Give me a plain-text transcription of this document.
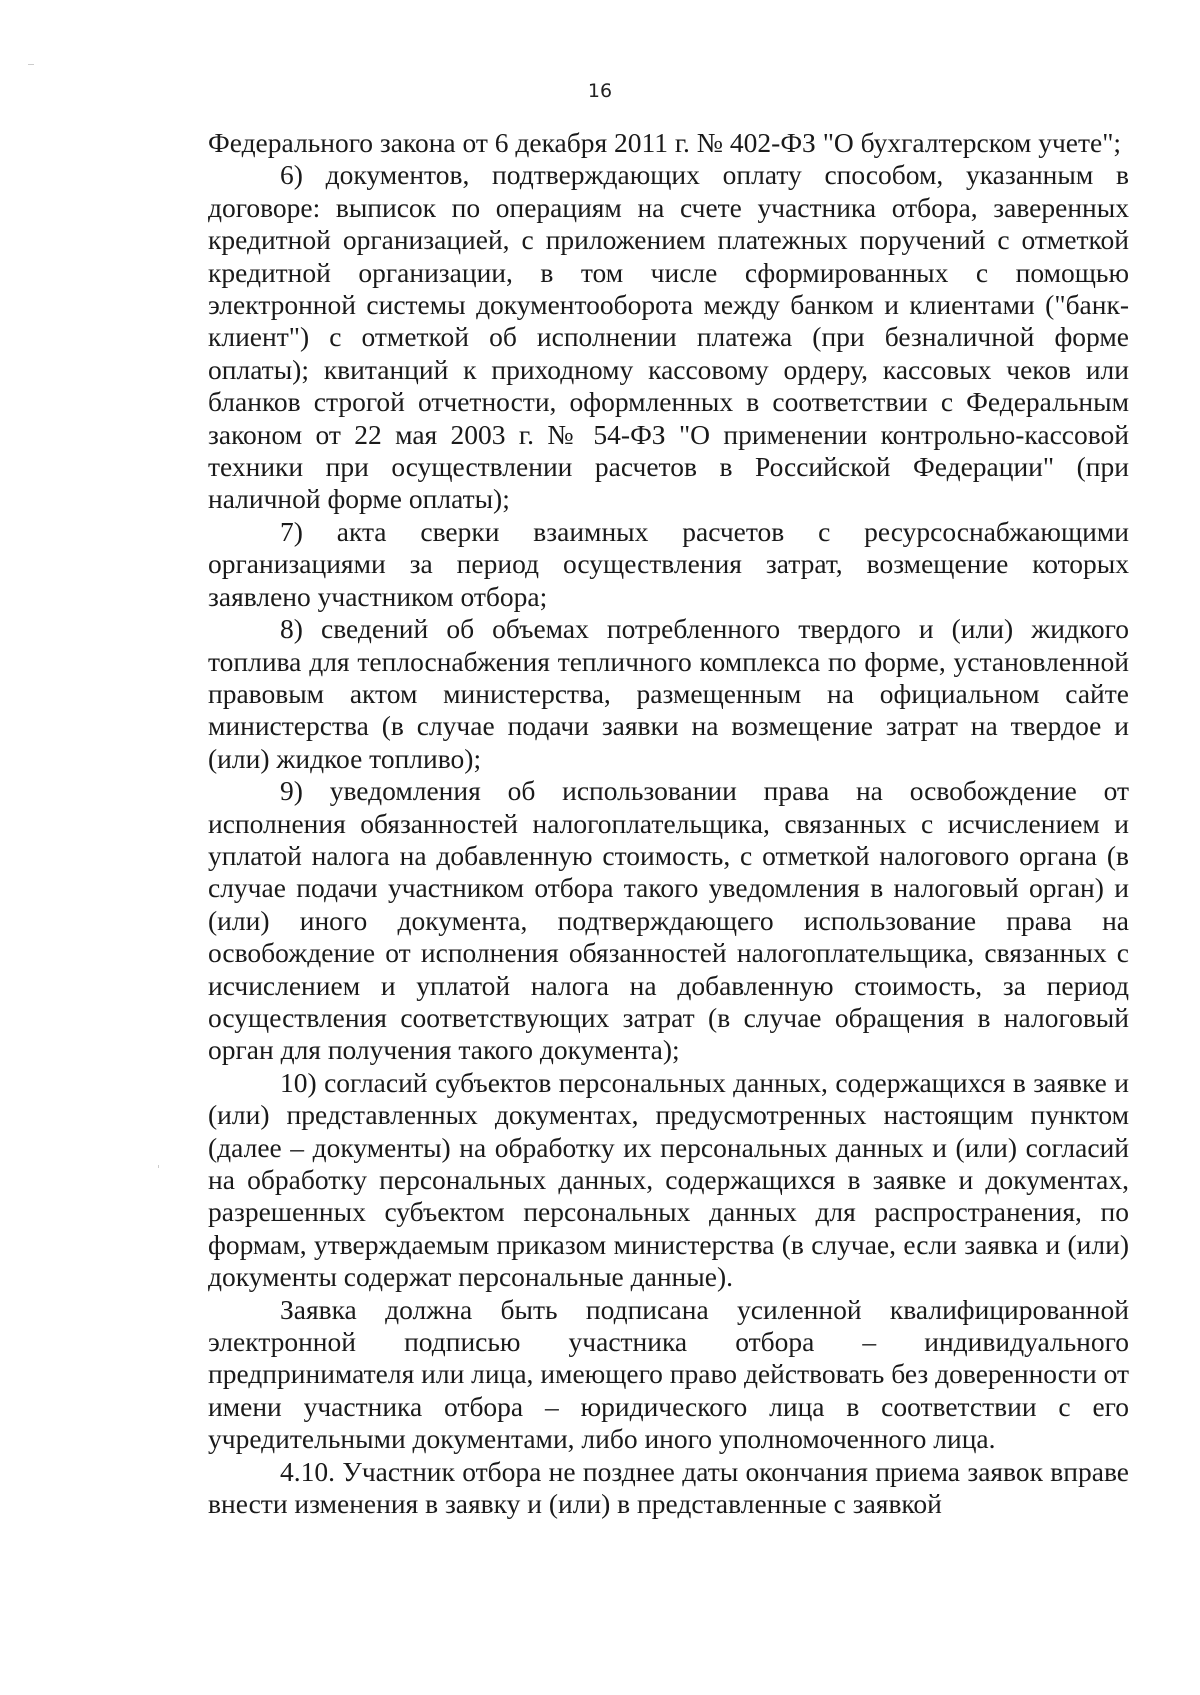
16

Федерального закона от 6 декабря 2011 г. № 402-ФЗ "О бухгалтерском учете";

6) документов, подтверждающих оплату способом, указанным в договоре: выписок по операциям на счете участника отбора, заверенных кредитной организацией, с приложением платежных поручений с отметкой кредитной организации, в том числе сформированных с помощью электронной системы документооборота между банком и клиентами ("банк-клиент") с отметкой об исполнении платежа (при безналичной форме оплаты); квитанций к приходному кассовому ордеру, кассовых чеков или бланков строгой отчетности, оформленных в соответствии с Федеральным законом от 22 мая 2003 г. № 54-ФЗ "О применении контрольно-кассовой техники при осуществлении расчетов в Российской Федерации" (при наличной форме оплаты);

7) акта сверки взаимных расчетов с ресурсоснабжающими организациями за период осуществления затрат, возмещение которых заявлено участником отбора;

8) сведений об объемах потребленного твердого и (или) жидкого топлива для теплоснабжения тепличного комплекса по форме, установленной правовым актом министерства, размещенным на официальном сайте министерства (в случае подачи заявки на возмещение затрат на твердое и (или) жидкое топливо);

9) уведомления об использовании права на освобождение от исполнения обязанностей налогоплательщика, связанных с исчислением и уплатой налога на добавленную стоимость, с отметкой налогового органа (в случае подачи участником отбора такого уведомления в налоговый орган) и (или) иного документа, подтверждающего использование права на освобождение от исполнения обязанностей налогоплательщика, связанных с исчислением и уплатой налога на добавленную стоимость, за период осуществления соответствующих затрат (в случае обращения в налоговый орган для получения такого документа);

10) согласий субъектов персональных данных, содержащихся в заявке и (или) представленных документах, предусмотренных настоящим пунктом (далее – документы) на обработку их персональных данных и (или) согласий на обработку персональных данных, содержащихся в заявке и документах, разрешенных субъектом персональных данных для распространения, по формам, утверждаемым приказом министерства (в случае, если заявка и (или) документы содержат персональные данные).

Заявка должна быть подписана усиленной квалифицированной электронной подписью участника отбора – индивидуального предпринимателя или лица, имеющего право действовать без доверенности от имени участника отбора – юридического лица в соответствии с его учредительными документами, либо иного уполномоченного лица.

4.10. Участник отбора не позднее даты окончания приема заявок вправе внести изменения в заявку и (или) в представленные с заявкой
